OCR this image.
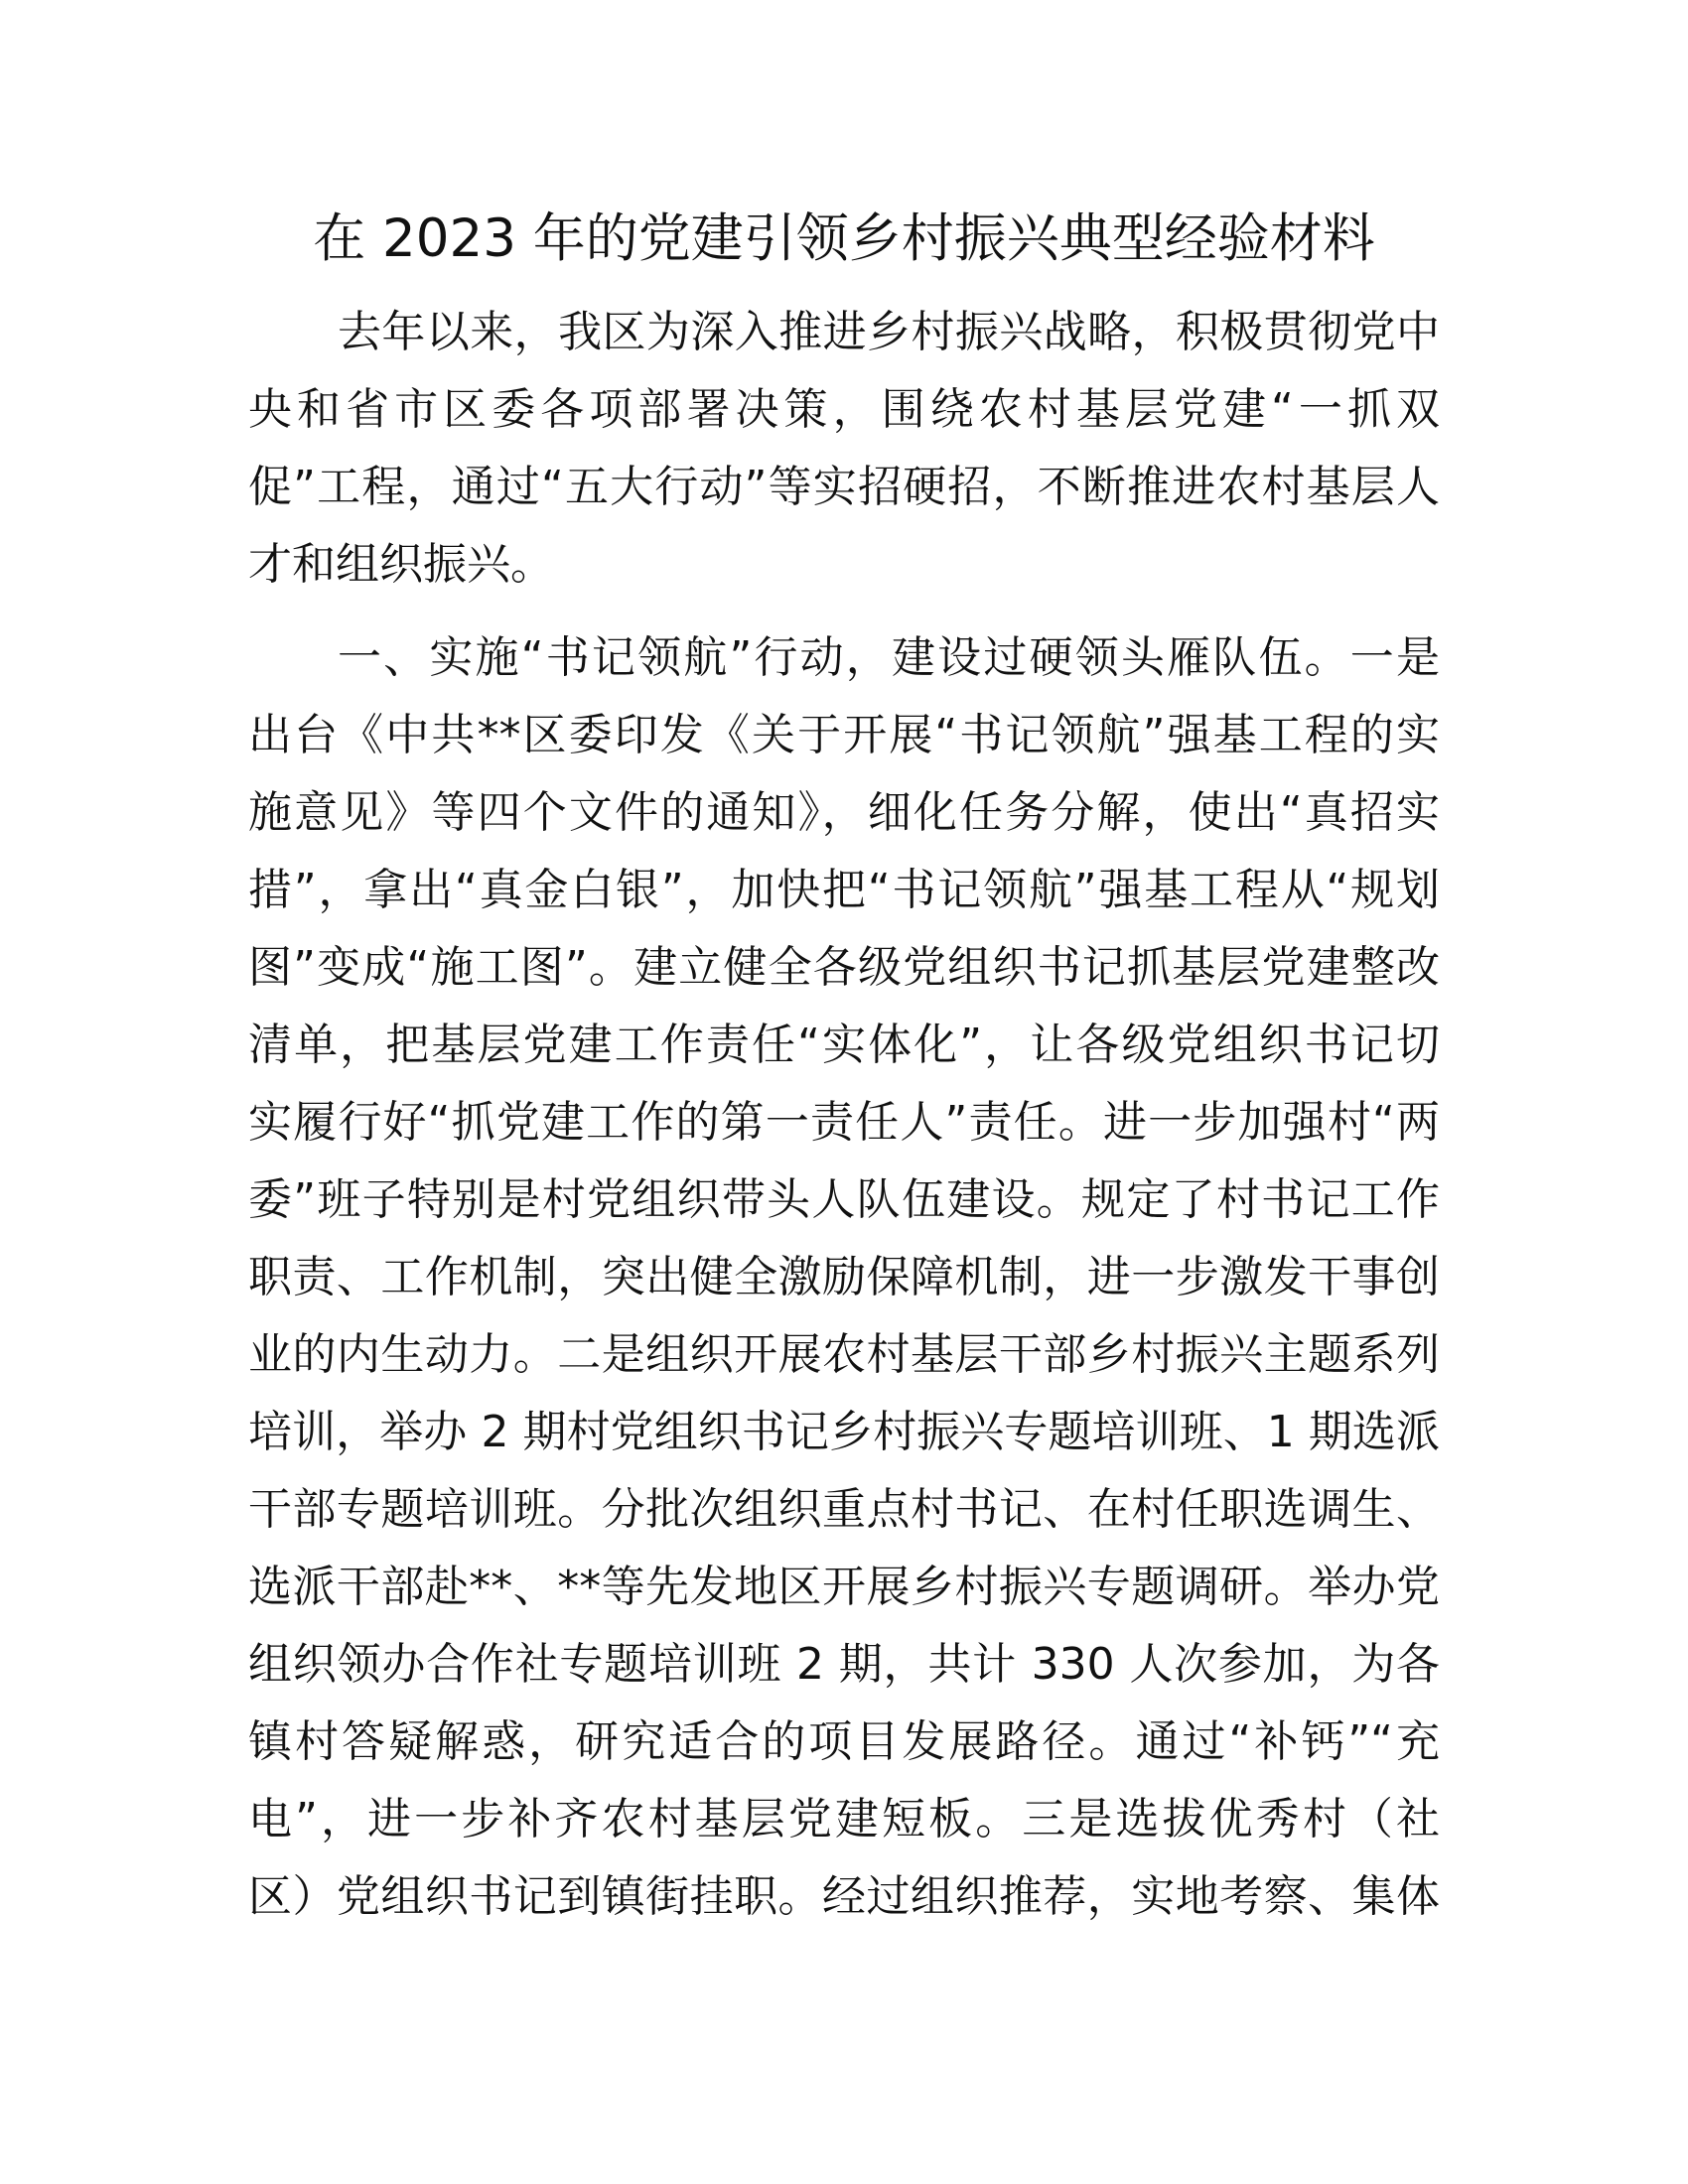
在 2023 年的党建引领乡村振兴典型经验材料
去年以来，我区为深入推进乡村振兴战略，积极贯彻党中
央和省市区委各项部署决策，围绕农村基层党建“一抓双
促”工程，通过“五大行动”等实招硬招，不断推进农村基层人
才和组织振兴。
一、实施“书记领航”行动，建设过硬领头雁队伍。一是
出台《中共**区委印发《关于开展“书记领航”强基工程的实
施意见》等四个文件的通知》，细化任务分解，使出“真招实
措”，拿出“真金白银”，加快把“书记领航”强基工程从“规划
图”变成“施工图”。建立健全各级党组织书记抓基层党建整改
清单，把基层党建工作责任“实体化”，让各级党组织书记切
实履行好“抓党建工作的第一责任人”责任。进一步加强村“两
委”班子特别是村党组织带头人队伍建设。规定了村书记工作
职责、工作机制，突出健全激励保障机制，进一步激发干事创
业的内生动力。二是组织开展农村基层干部乡村振兴主题系列
培训，举办 2 期村党组织书记乡村振兴专题培训班、1 期选派
干部专题培训班。分批次组织重点村书记、在村任职选调生、
选派干部赴**、**等先发地区开展乡村振兴专题调研。举办党
组织领办合作社专题培训班 2 期，共计 330 人次参加，为各
镇村答疑解惑，研究适合的项目发展路径。通过“补钙”“充
电”，进一步补齐农村基层党建短板。三是选拔优秀村（社
区）党组织书记到镇街挂职。经过组织推荐，实地考察、集体
